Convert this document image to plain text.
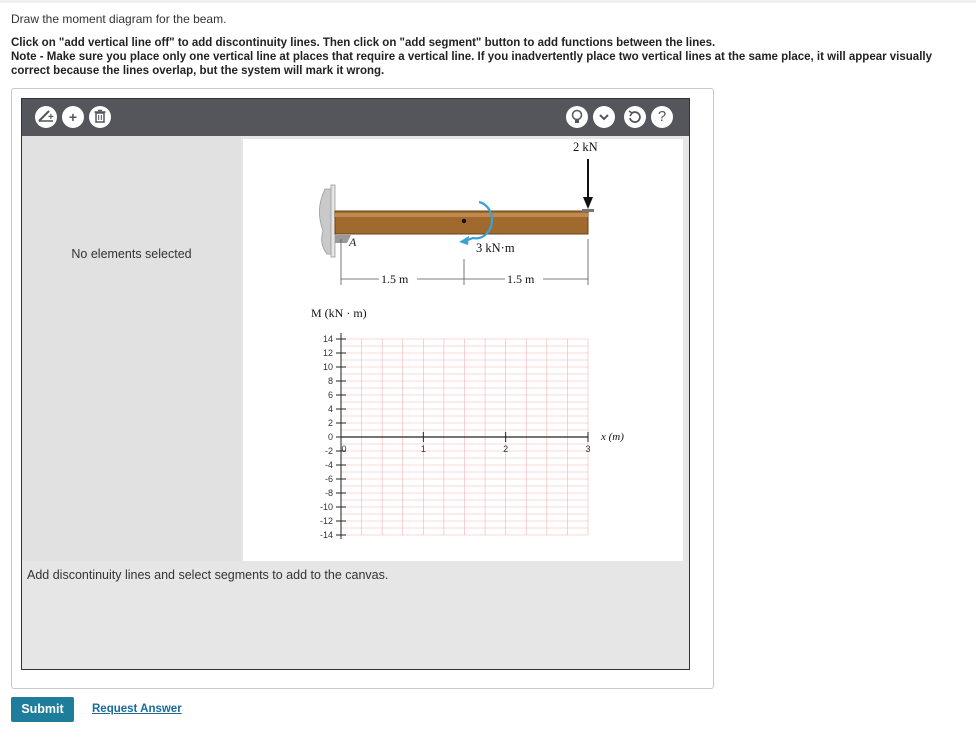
Draw the moment diagram for the beam.
Click on "add vertical line off" to add discontinuity lines. Then click on "add segment" button to add functions between the lines.
Note - Make sure you place only one vertical line at places that require a vertical line. If you inadvertently place two vertical lines at the same place, it will appear visually
correct because the lines overlap, but the system will mark it wrong.
+	+	?
No elements selected
A
2 kN
3 kN·m
1.5 m	1.5 m
M (kN · m)
x (m)
14
12
10
8
6
4
2
0
-2
-4
-6
-8
-10
-12
-14
0	1	2	3
Add discontinuity lines and select segments to add to the canvas.
Submit	Request Answer
